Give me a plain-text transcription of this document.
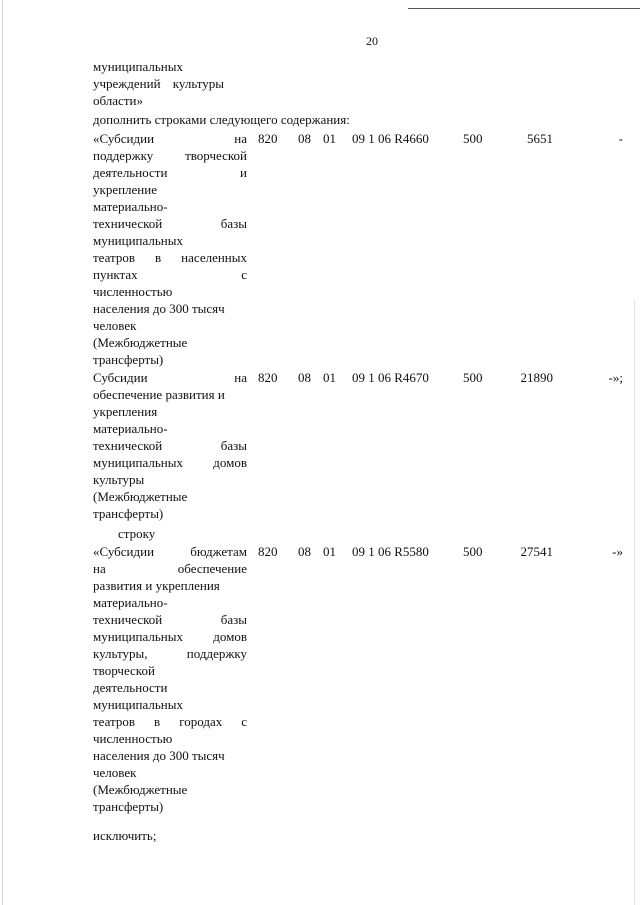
20
муниципальных
учреждений культуры
области»
дополнить строками следующего содержания:
«Субсидии на
поддержку творческой
деятельности и
укрепление
материально-
технической базы
муниципальных
театров в населенных
пунктах с
численностью
населения до 300 тысяч
человек
(Межбюджетные
трансферты)
820 08 01 09 1 06 R4660	500	5651	-
Субсидии на
обеспечение развития и
укрепления
материально-
технической базы
муниципальных домов
культуры
(Межбюджетные
трансферты)
820 08 01 09 1 06 R4670	500	21890	-»;
строку
«Субсидии бюджетам
на обеспечение
развития и укрепления
материально-
технической базы
муниципальных домов
культуры, поддержку
творческой
деятельности
муниципальных
театров в городах с
численностью
населения до 300 тысяч
человек
(Межбюджетные
трансферты)
820 08 01 09 1 06 R5580	500	27541	-»
исключить;
